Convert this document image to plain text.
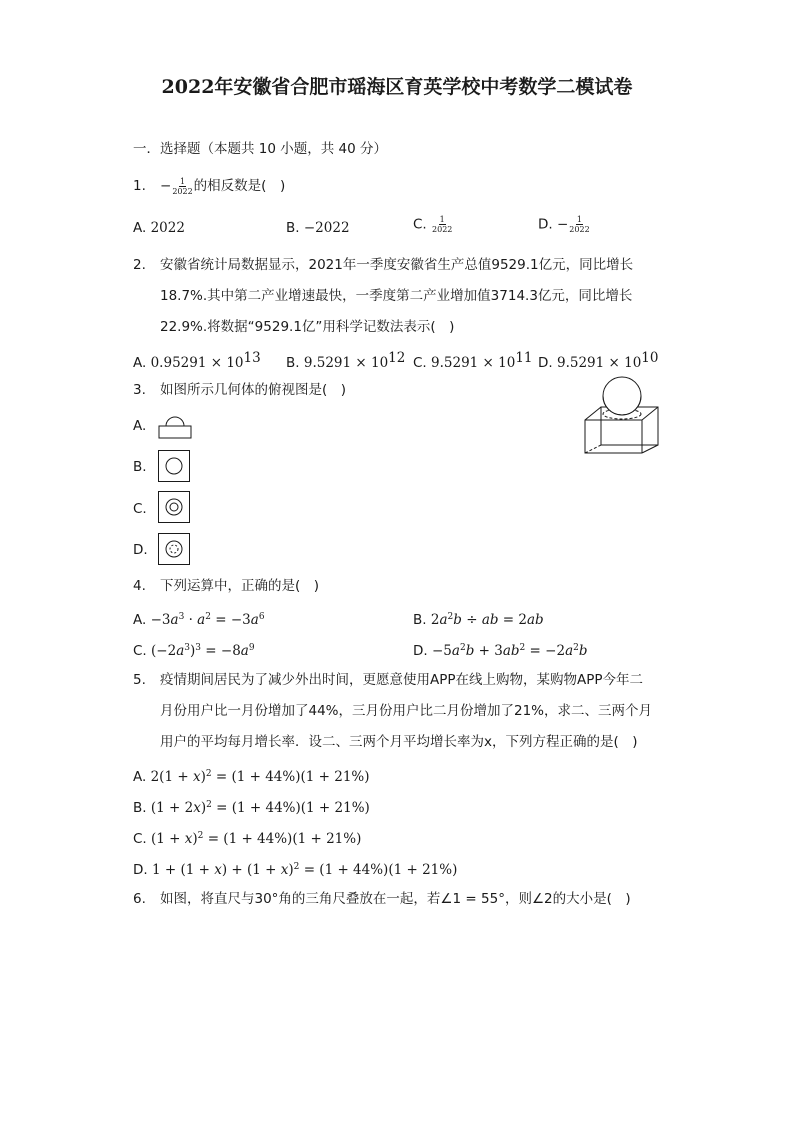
2022年安徽省合肥市瑶海区育英学校中考数学二模试卷
一．选择题（本题共 10 小题，共 40 分）
1. − $\frac{1}{2022}$ 的相反数是(　)
A. 2022	B. −2022	C. $\frac{1}{2022}$	D. − $\frac{1}{2022}$
2. 安徽省统计局数据显示，2021年一季度安徽省生产总值9529.1亿元，同比增长
18.7%.其中第二产业增速最快，一季度第二产业增加值3714.3亿元，同比增长
22.9%.将数据“9529.1亿”用科学记数法表示(　)
A. $0.95291 \times 10^{13}$ B. $9.5291 \times 10^{12}$ C. $9.5291 \times 10^{11}$ D. $9.5291 \times 10^{10}$
3. 如图所示几何体的俯视图是(　)
A.
B.
C.
D.
4. 下列运算中，正确的是(　)
A. $-3a^3 \cdot a^2 = -3a^6$	B. $2a^2b$ ÷ ab = 2ab
C. $(-2a^3)^3 = -8a^9$	D. $-5a^2b + 3ab^2 = -2a^2b$
5. 疫情期间居民为了减少外出时间，更愿意使用APP在线上购物，某购物APP今年二
月份用户比一月份增加了44%，三月份用户比二月份增加了21%，求二、三两个月
用户的平均每月增长率．设二、三两个月平均增长率为x，下列方程正确的是(　)
A. $2(1 + x)^2 = (1 + 44\%)(1 + 21\%)$
B. $(1 + 2x)^2 = (1 + 44\%)(1 + 21\%)$
C. $(1 + x)^2 = (1 + 44\%)(1 + 21\%)$
D. $1 + (1 + x) + (1 + x)^2 = (1 + 44\%)(1 + 21\%)$
6. 如图，将直尺与30°角的三角尺叠放在一起，若∠1 = 55°，则∠2的大小是(　)
